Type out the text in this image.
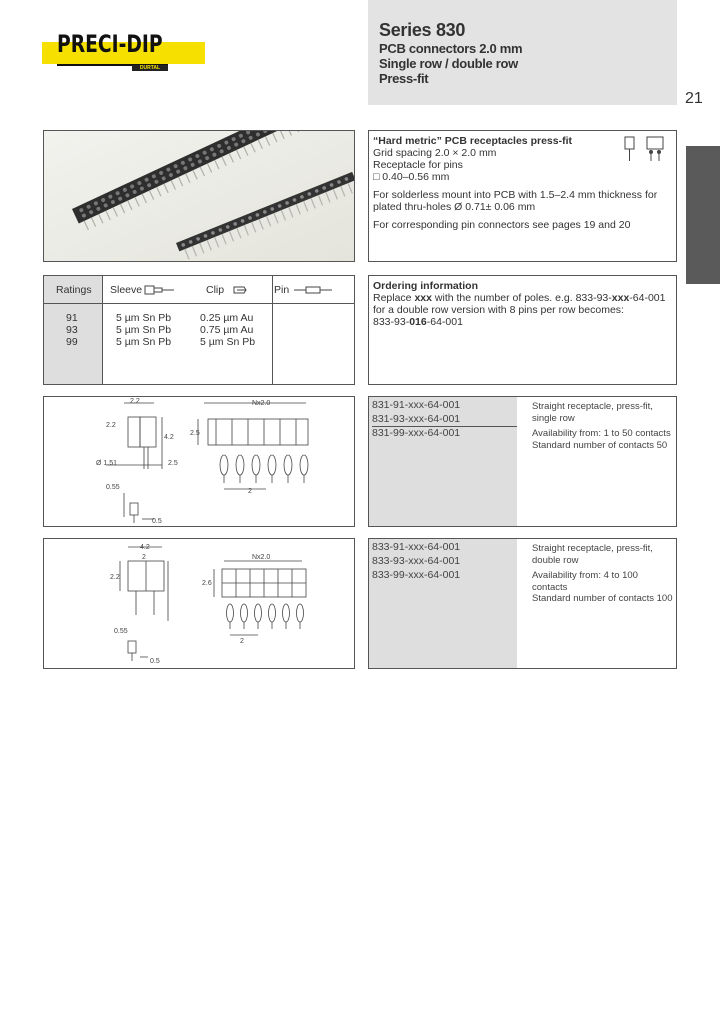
PRECI-DIP
DURTAL
Series 830
PCB connectors 2.0 mm
Single row / double row
Press-fit
21
“Hard metric” PCB receptacles press-fit
Grid spacing 2.0 × 2.0 mm
Receptacle for pins
□ 0.40–0.56 mm
For solderless mount into PCB with 1.5–2.4 mm thickness for
plated thru-holes Ø 0.71± 0.06 mm
For corresponding pin connectors see pages 19 and 20
Ratings Sleeve	Clip	Pin
91	5 µm Sn Pb	0.25 µm Au
93	5 µm Sn Pb	0.75 µm Au
99	5 µm Sn Pb	5 µm Sn Pb
Ordering information
Replace xxx with the number of poles. e.g. 833-93-xxx-64-001
for a double row version with 8 pins per row becomes:
833-93-016-64-001
2.2
2.2
4.2
2.5
Ø 1.51
0.55
0.5
Nx2.0
2.5
2
831-91-xxx-64-001
831-93-xxx-64-001
831-99-xxx-64-001
Straight receptacle, press-fit,
single row
Availability from: 1 to 50 contacts
Standard number of contacts 50
4.2
2
2.2
0.55
0.5
Nx2.0
2.6
2
833-91-xxx-64-001
833-93-xxx-64-001
833-99-xxx-64-001
Straight receptacle, press-fit,
double row
Availability from: 4 to 100
contacts
Standard number of contacts 100
